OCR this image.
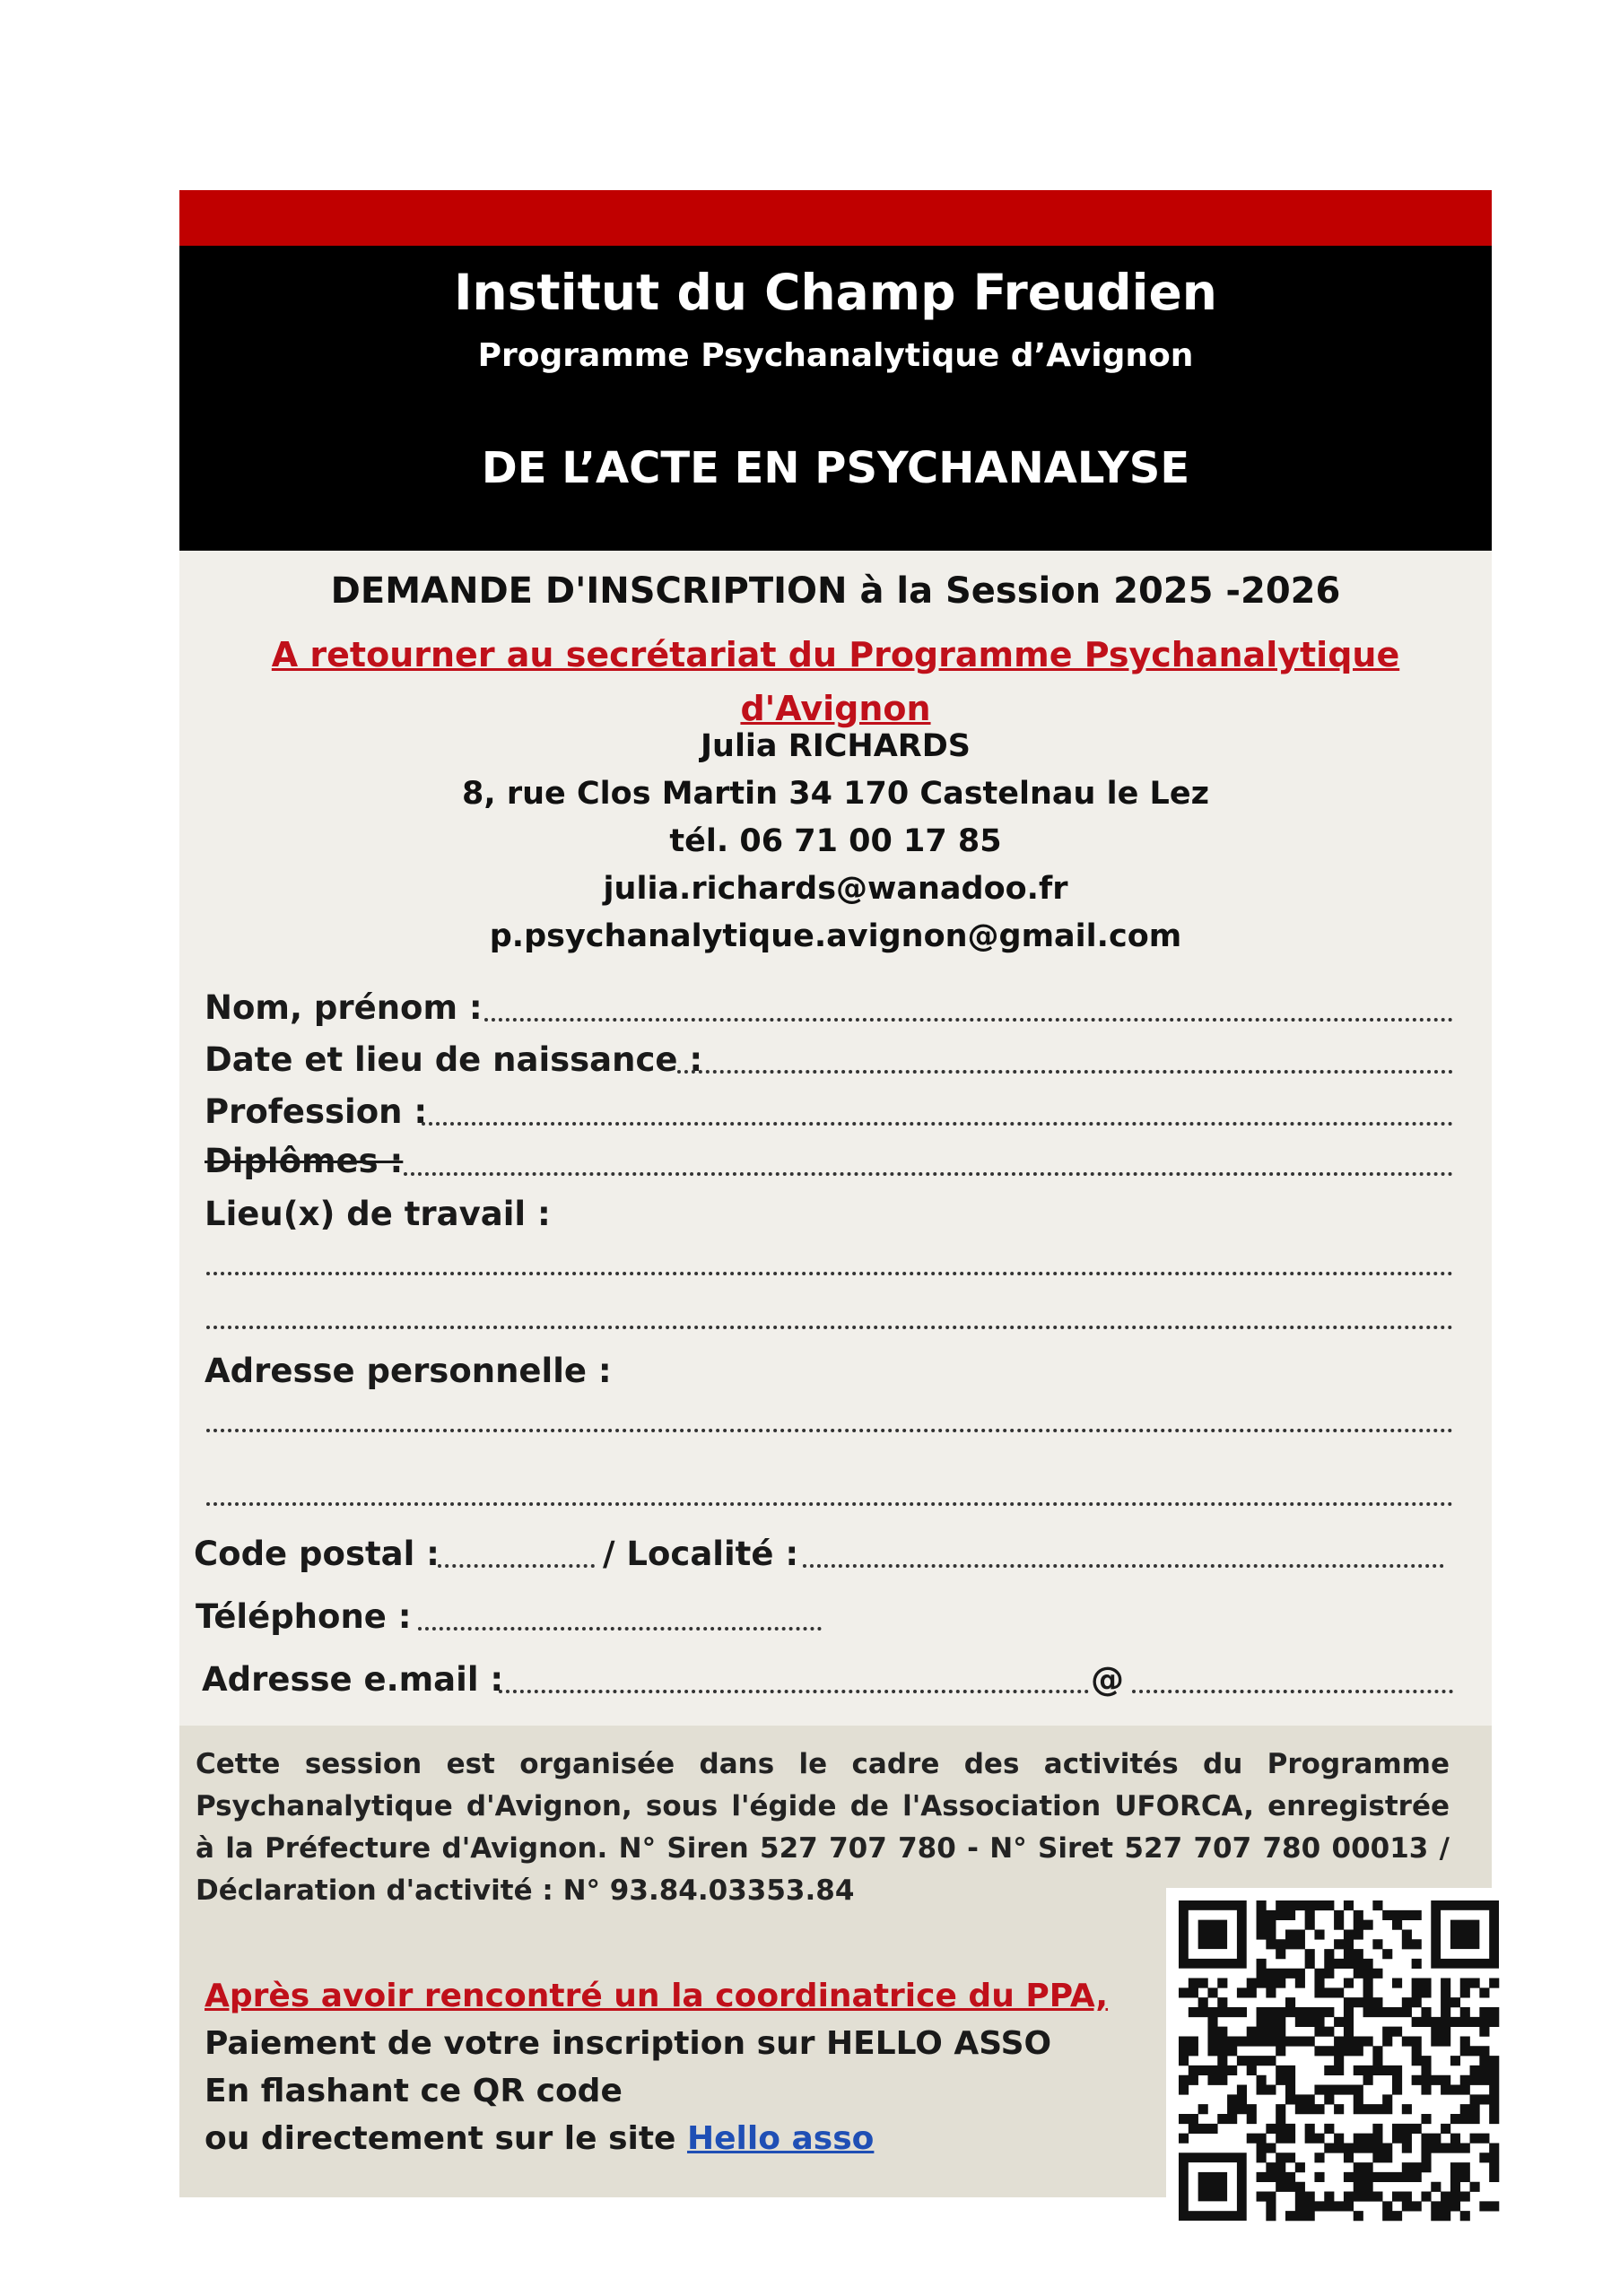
Institut du Champ Freudien
Programme Psychanalytique d’Avignon
DE L’ACTE EN PSYCHANALYSE
DEMANDE D'INSCRIPTION à la Session 2025 -2026
A retourner au secrétariat du Programme Psychanalytique
d'Avignon
Julia RICHARDS
8, rue Clos Martin 34 170 Castelnau le Lez
tél. 06 71 00 17 85
julia.richards@wanadoo.fr
p.psychanalytique.avignon@gmail.com
Nom, prénom :
Date et lieu de naissance :
Profession :
Diplômes :
Lieu(x) de travail :
Adresse personnelle :
Code postal :	/ Localité :
Téléphone :
Adresse e.mail :	@
Cette session est organisée dans le cadre des activités du Programme Psychanalytique d'Avignon, sous l'égide de l'Association UFORCA, enregistrée à la Préfecture d'Avignon. N° Siren 527 707 780 - N° Siret 527 707 780 00013 / Déclaration d'activité : N° 93.84.03353.84
Après avoir rencontré un la coordinatrice du PPA,
Paiement de votre inscription sur HELLO ASSO
En flashant ce QR code
ou directement sur le site Hello asso
